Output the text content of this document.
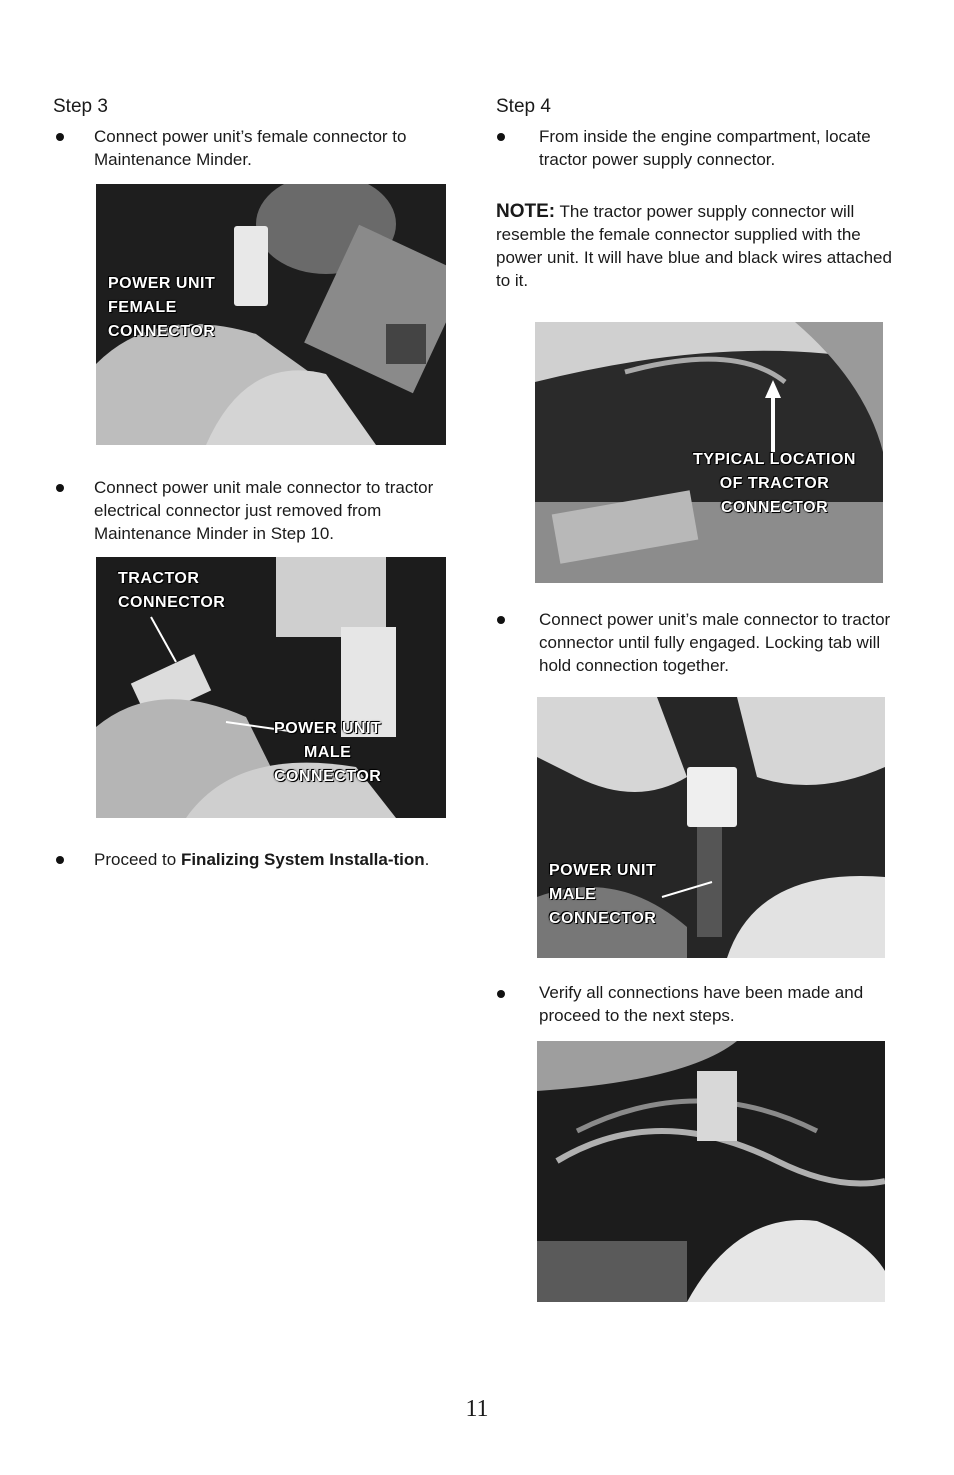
Step 3
Connect power unit’s female connector to Maintenance Minder.
POWER UNIT
FEMALE
CONNECTOR
Connect power unit male connector to tractor electrical connector just removed from Maintenance Minder in Step 10.
TRACTOR
CONNECTOR
POWER UNIT
MALE
CONNECTOR
Proceed to Finalizing System Installa-tion.
Step 4
From inside the engine compartment, locate tractor power supply connector.
NOTE: The tractor power supply connector will resemble the female connector supplied with the power unit. It will have blue and black wires attached to it.
TYPICAL LOCATION
OF TRACTOR
CONNECTOR
Connect power unit’s male connector to tractor connector until fully engaged. Locking tab will hold connection together.
POWER UNIT
MALE
CONNECTOR
Verify all connections have been made and proceed to the next steps.
11
